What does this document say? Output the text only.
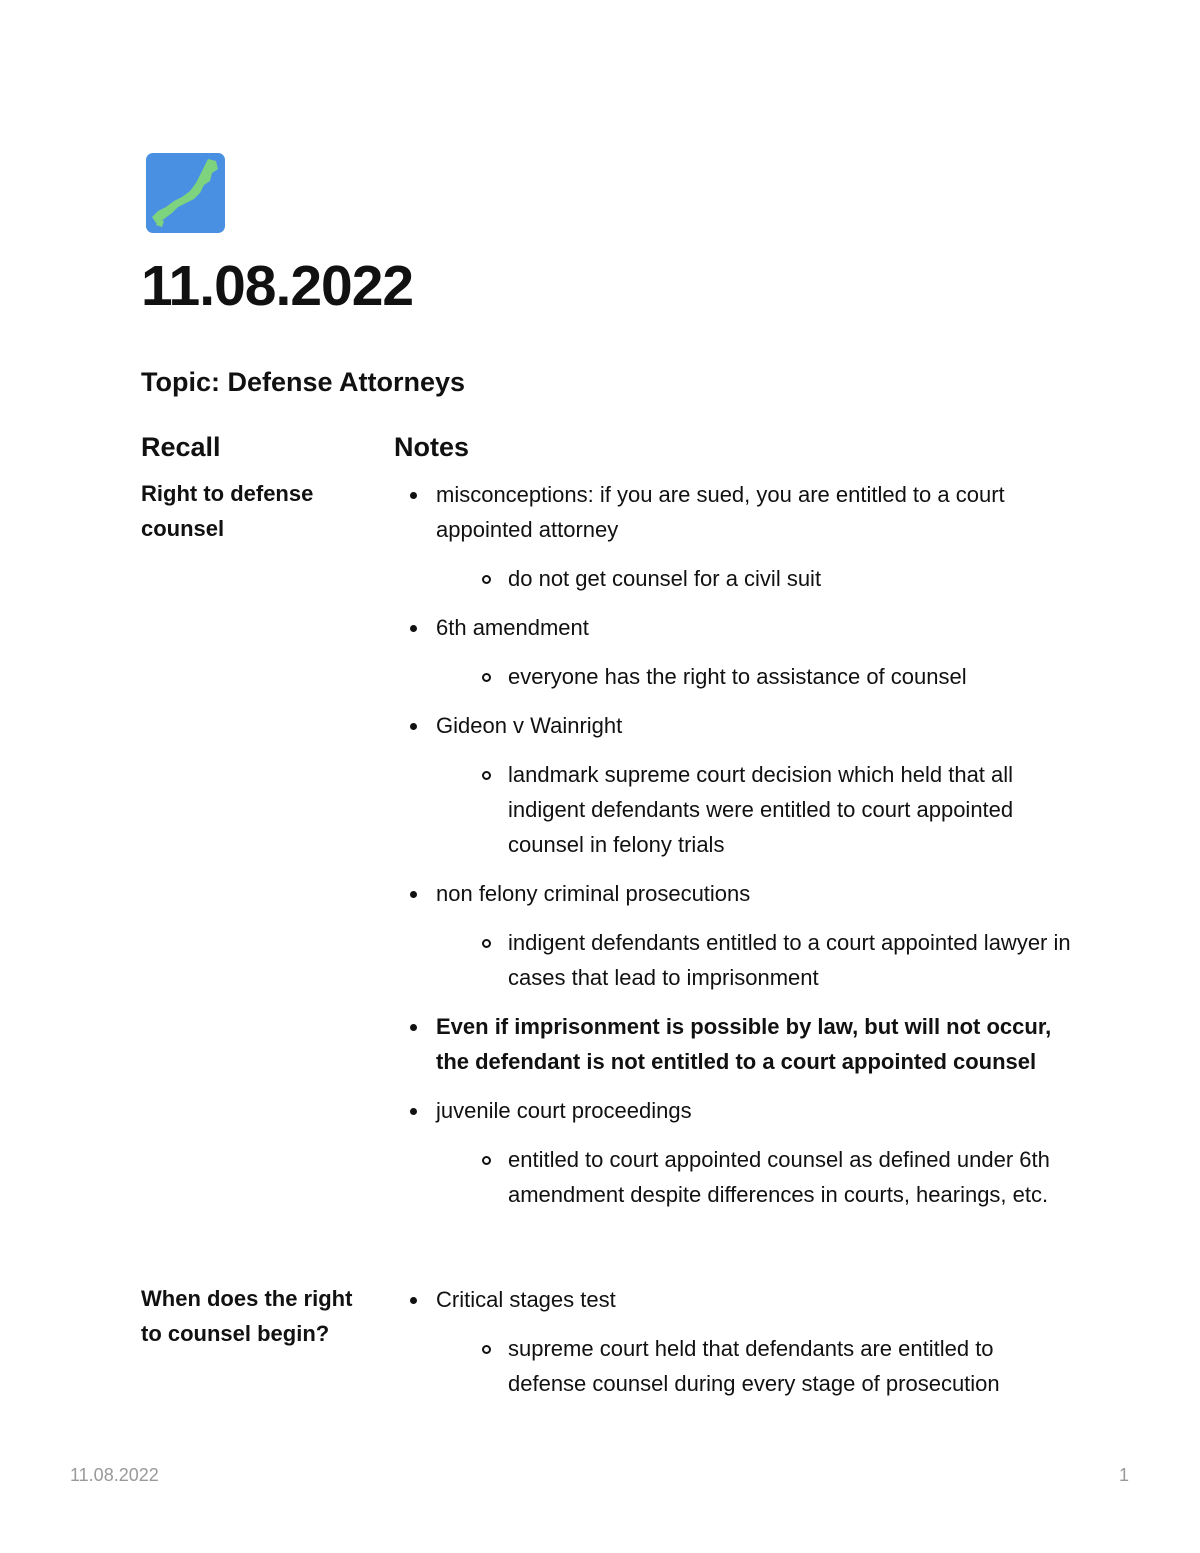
11.08.2022
Topic: Defense Attorneys
Recall	Notes

Right to defense counsel

misconceptions: if you are sued, you are entitled to a court appointed attorney
do not get counsel for a civil suit
6th amendment
everyone has the right to assistance of counsel
Gideon v Wainright
landmark supreme court decision which held that all indigent defendants were entitled to court appointed counsel in felony trials
non felony criminal prosecutions
indigent defendants entitled to a court appointed lawyer in cases that lead to imprisonment
Even if imprisonment is possible by law, but will not occur, the defendant is not entitled to a court appointed counsel
juvenile court proceedings
entitled to court appointed counsel as defined under 6th amendment despite differences in courts, hearings, etc.

When does the right to counsel begin?

Critical stages test
supreme court held that defendants are entitled to defense counsel during every stage of prosecution
11.08.2022	1
